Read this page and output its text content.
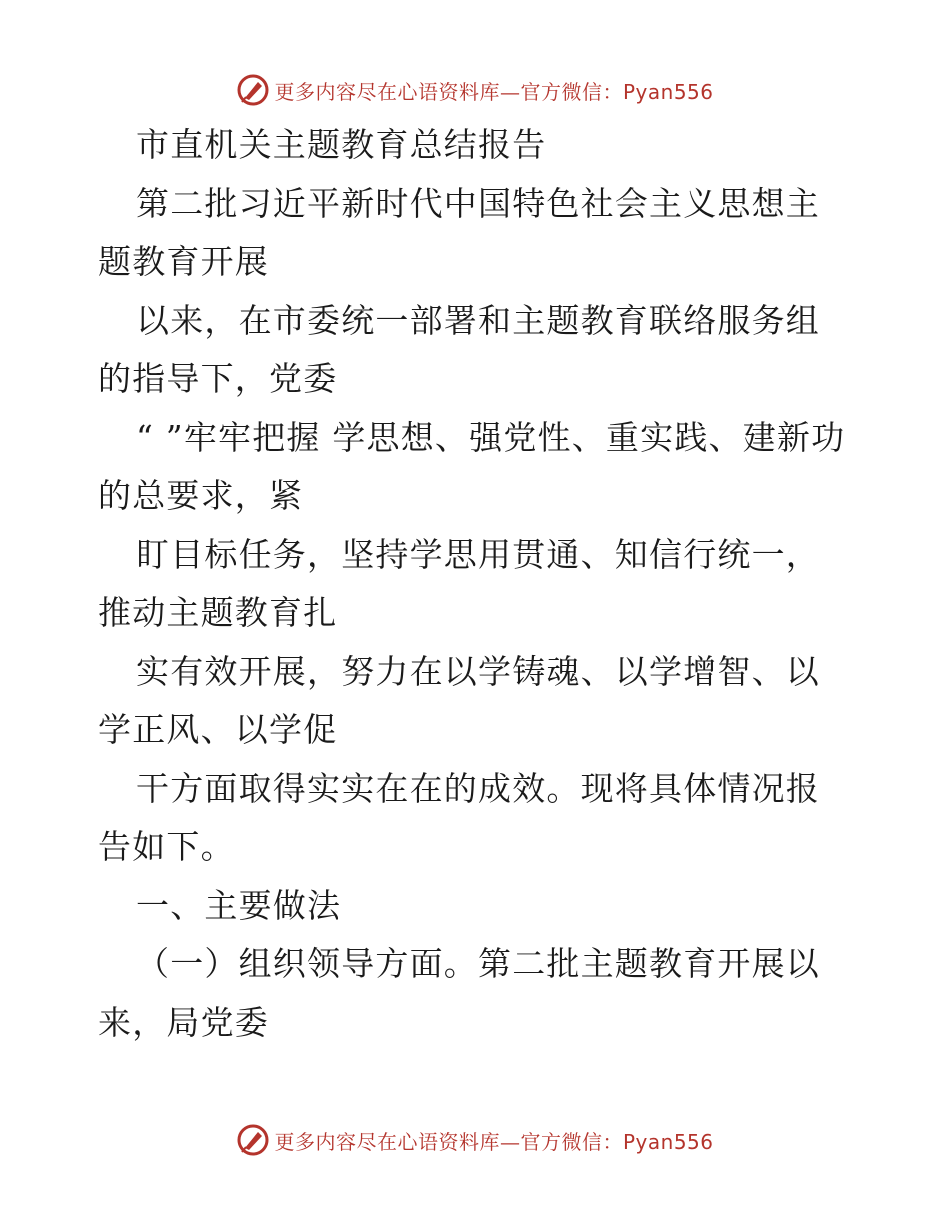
更多内容尽在心语资料库—官方微信：Pyan556

市直机关主题教育总结报告

第二批习近平新时代中国特色社会主义思想主题教育开展

以来，在市委统一部署和主题教育联络服务组的指导下，党委

“ ”牢牢把握 学思想、强党性、重实践、建新功 的总要求，紧

盯目标任务，坚持学思用贯通、知信行统一，推动主题教育扎

实有效开展，努力在以学铸魂、以学增智、以学正风、以学促

干方面取得实实在在的成效。现将具体情况报告如下。

一、主要做法

（一）组织领导方面。第二批主题教育开展以来，局党委

更多内容尽在心语资料库—官方微信：Pyan556
